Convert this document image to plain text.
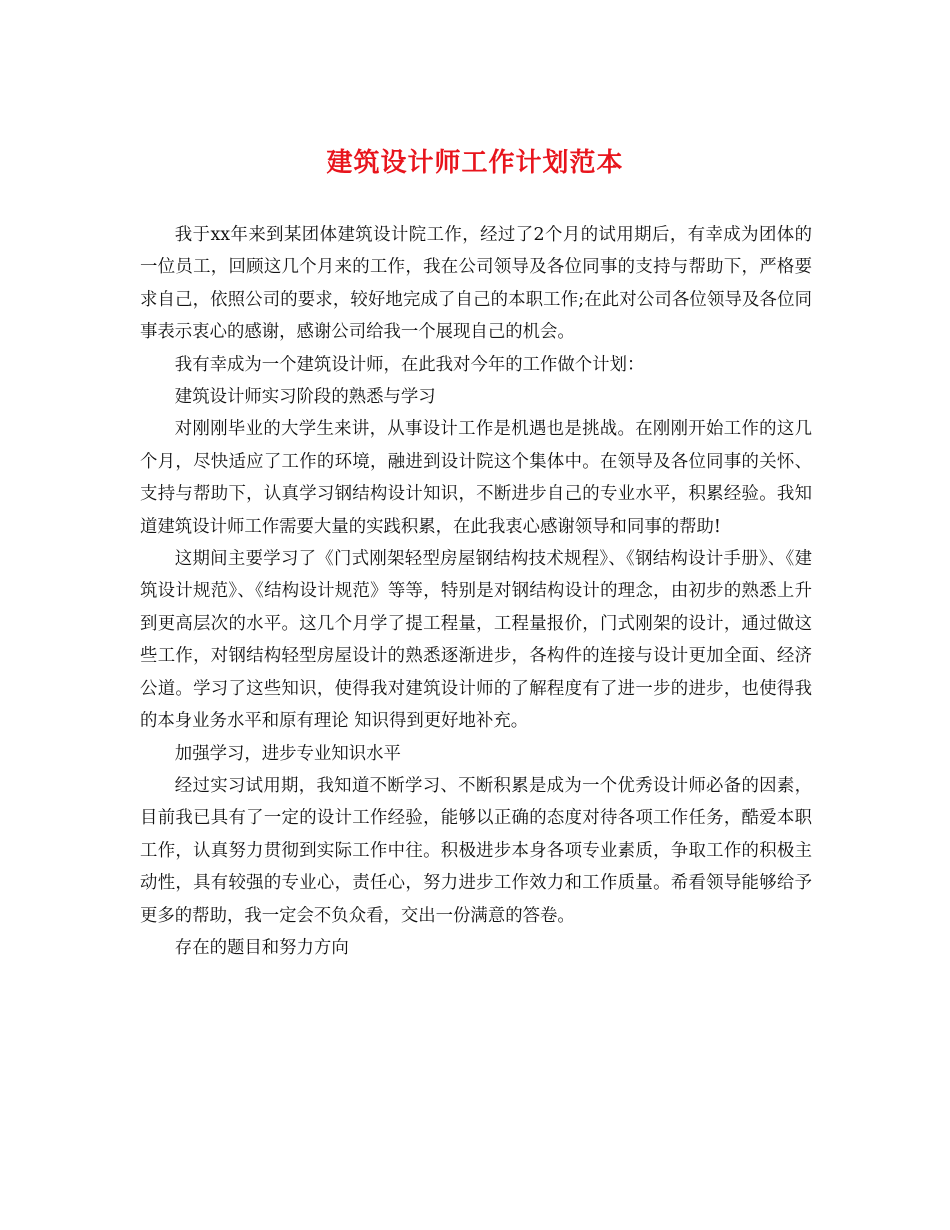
建筑设计师工作计划范本

我于xx年来到某团体建筑设计院工作，经过了2个月的试用期后，有幸成为团体的一位员工，回顾这几个月来的工作，我在公司领导及各位同事的支持与帮助下，严格要求自己，依照公司的要求，较好地完成了自己的本职工作;在此对公司各位领导及各位同事表示衷心的感谢，感谢公司给我一个展现自己的机会。

我有幸成为一个建筑设计师，在此我对今年的工作做个计划：

建筑设计师实习阶段的熟悉与学习

对刚刚毕业的大学生来讲，从事设计工作是机遇也是挑战。在刚刚开始工作的这几个月，尽快适应了工作的环境，融进到设计院这个集体中。在领导及各位同事的关怀、支持与帮助下，认真学习钢结构设计知识，不断进步自己的专业水平，积累经验。我知道建筑设计师工作需要大量的实践积累，在此我衷心感谢领导和同事的帮助!

这期间主要学习了《门式刚架轻型房屋钢结构技术规程》、《钢结构设计手册》、《建筑设计规范》、《结构设计规范》等等，特别是对钢结构设计的理念，由初步的熟悉上升到更高层次的水平。这几个月学了提工程量，工程量报价，门式刚架的设计，通过做这些工作，对钢结构轻型房屋设计的熟悉逐渐进步，各构件的连接与设计更加全面、经济公道。学习了这些知识，使得我对建筑设计师的了解程度有了进一步的进步，也使得我的本身业务水平和原有理论 知识得到更好地补充。

加强学习，进步专业知识水平

经过实习试用期，我知道不断学习、不断积累是成为一个优秀设计师必备的因素，目前我已具有了一定的设计工作经验，能够以正确的态度对待各项工作任务，酷爱本职工作，认真努力贯彻到实际工作中往。积极进步本身各项专业素质，争取工作的积极主动性，具有较强的专业心，责任心，努力进步工作效力和工作质量。希看领导能够给予更多的帮助，我一定会不负众看，交出一份满意的答卷。

存在的题目和努力方向
